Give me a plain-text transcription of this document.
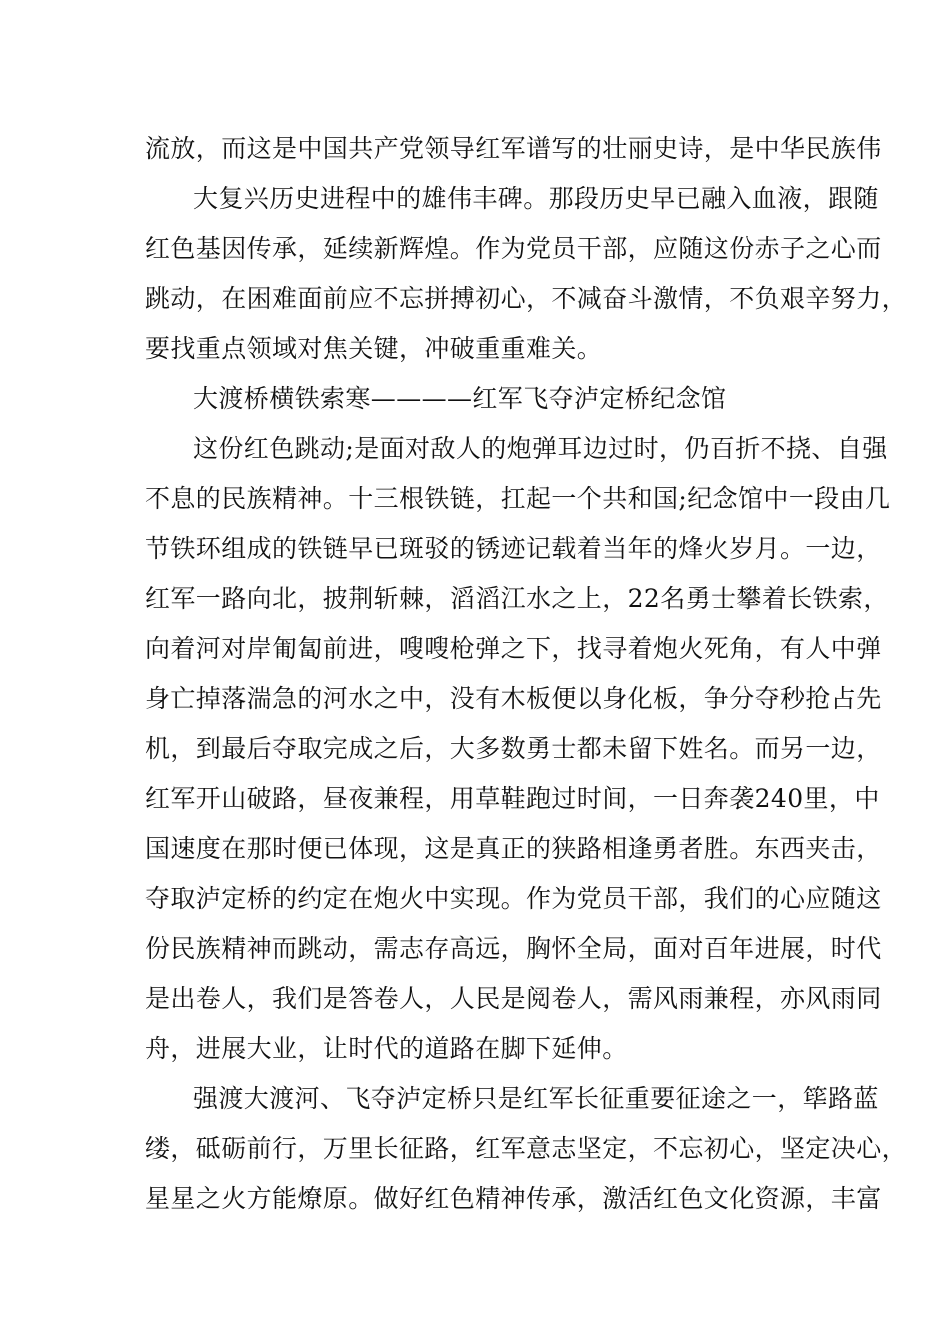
流放，而这是中国共产党领导红军谱写的壮丽史诗，是中华民族伟
大复兴历史进程中的雄伟丰碑。那段历史早已融入血液，跟随
红色基因传承，延续新辉煌。作为党员干部，应随这份赤子之心而
跳动，在困难面前应不忘拼搏初心，不减奋斗激情，不负艰辛努力，
要找重点领域对焦关键，冲破重重难关。
大渡桥横铁索寒————红军飞夺泸定桥纪念馆
这份红色跳动;是面对敌人的炮弹耳边过时，仍百折不挠、自强
不息的民族精神。十三根铁链，扛起一个共和国;纪念馆中一段由几
节铁环组成的铁链早已斑驳的锈迹记载着当年的烽火岁月。一边，
红军一路向北，披荆斩棘，滔滔江水之上，22名勇士攀着长铁索，
向着河对岸匍匐前进，嗖嗖枪弹之下，找寻着炮火死角，有人中弹
身亡掉落湍急的河水之中，没有木板便以身化板，争分夺秒抢占先
机，到最后夺取完成之后，大多数勇士都未留下姓名。而另一边，
红军开山破路，昼夜兼程，用草鞋跑过时间，一日奔袭240里，中
国速度在那时便已体现，这是真正的狭路相逢勇者胜。东西夹击，
夺取泸定桥的约定在炮火中实现。作为党员干部，我们的心应随这
份民族精神而跳动，需志存高远，胸怀全局，面对百年进展，时代
是出卷人，我们是答卷人，人民是阅卷人，需风雨兼程，亦风雨同
舟，进展大业，让时代的道路在脚下延伸。
强渡大渡河、飞夺泸定桥只是红军长征重要征途之一，筚路蓝
缕，砥砺前行，万里长征路，红军意志坚定，不忘初心，坚定决心，
星星之火方能燎原。做好红色精神传承，激活红色文化资源，丰富
